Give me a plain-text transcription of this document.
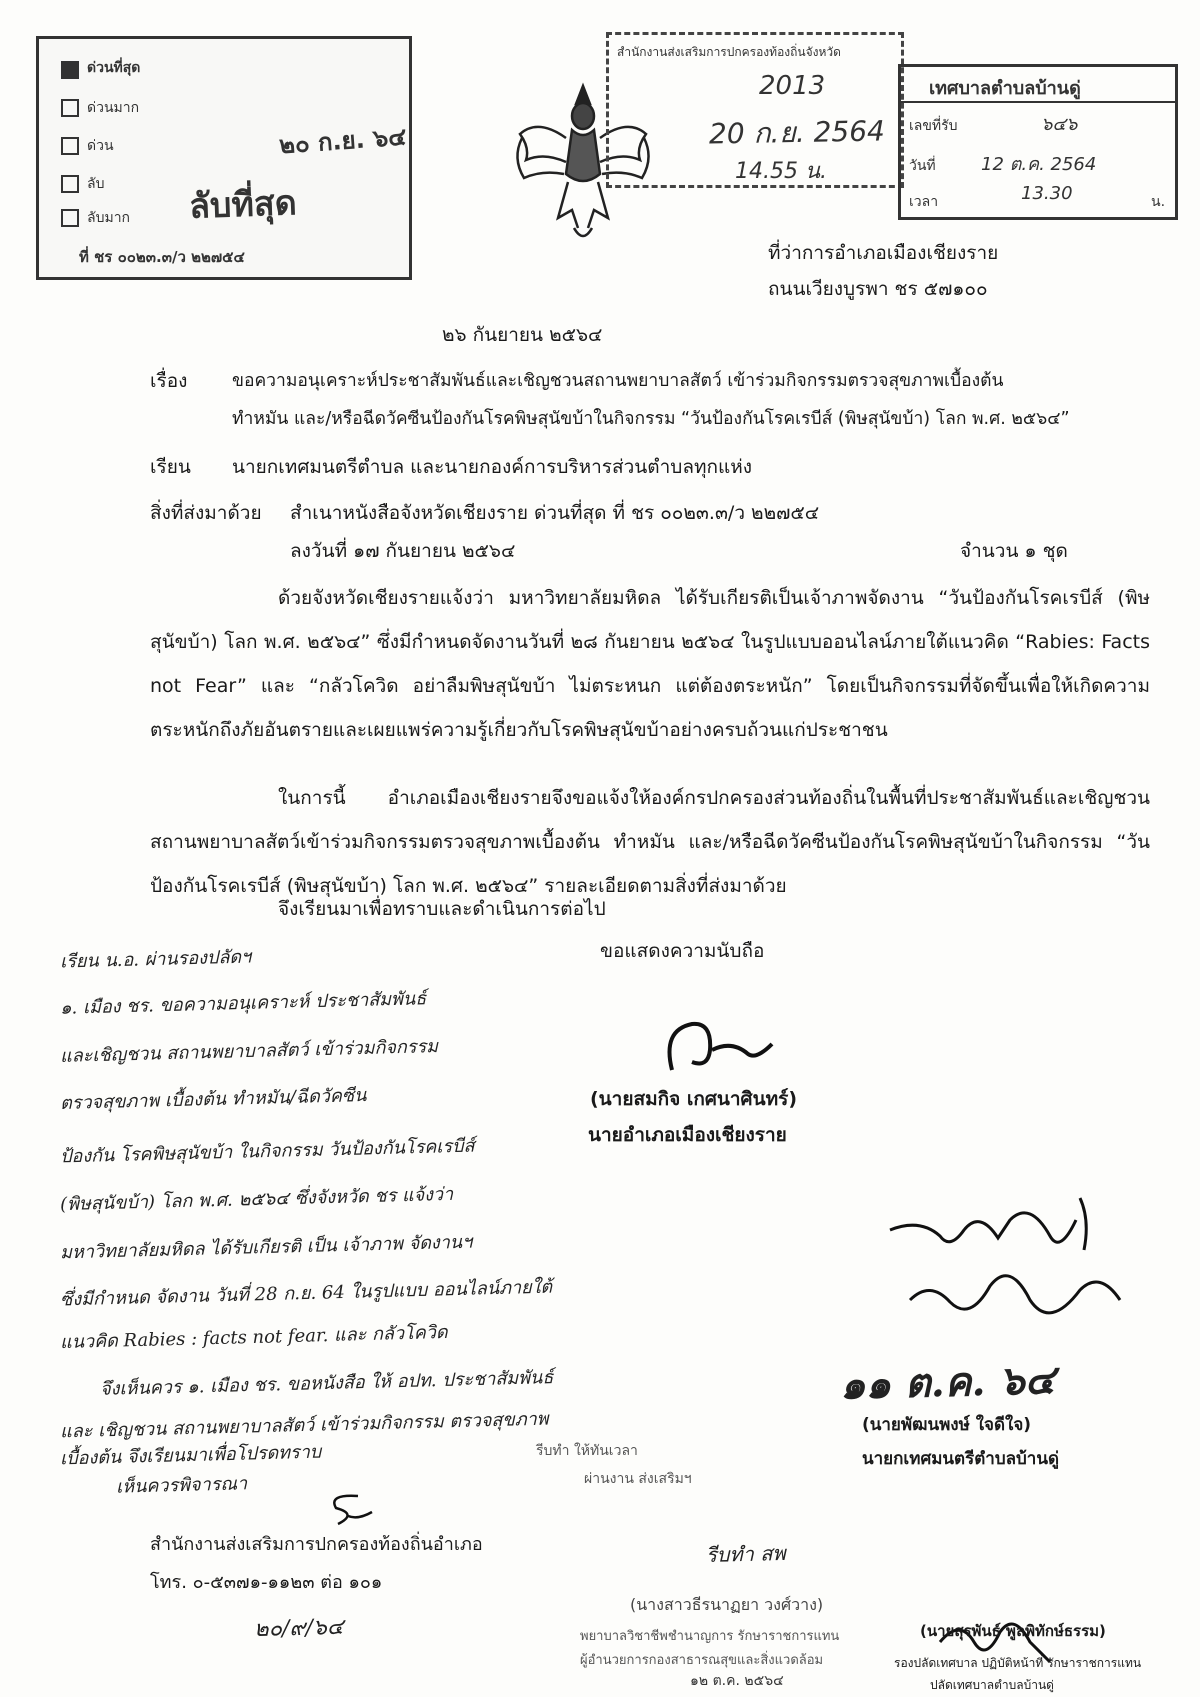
ด่วนที่สุด
ด่วนมาก
ด่วน
ลับ
ลับมาก ลับที่สุด
๒๐ ก.ย. ๖๔
ที่ ชร ๐๐๒๓.๓/ว ๒๒๗๕๔
สำนักงานส่งเสริมการปกครองท้องถิ่นจังหวัด
2013
20 ก.ย. 2564
14.55 น.
เทศบาลตำบลบ้านดู่
เลขที่รับ	๖๔๖
วันที่	12 ต.ค. 2564
เวลา	13.30	น.
ที่ว่าการอำเภอเมืองเชียงราย
ถนนเวียงบูรพา ชร ๕๗๑๐๐
๒๖ กันยายน ๒๕๖๔
เรื่อง	ขอความอนุเคราะห์ประชาสัมพันธ์และเชิญชวนสถานพยาบาลสัตว์ เข้าร่วมกิจกรรมตรวจสุขภาพเบื้องต้น
ทำหมัน และ/หรือฉีดวัคซีนป้องกันโรคพิษสุนัขบ้าในกิจกรรม “วันป้องกันโรคเรบีส์ (พิษสุนัขบ้า) โลก พ.ศ. ๒๕๖๔”
เรียน นายกเทศมนตรีตำบล และนายกองค์การบริหารส่วนตำบลทุกแห่ง
สิ่งที่ส่งมาด้วย สำเนาหนังสือจังหวัดเชียงราย ด่วนที่สุด ที่ ชร ๐๐๒๓.๓/ว ๒๒๗๕๔
ลงวันที่ ๑๗ กันยายน ๒๕๖๔	จำนวน ๑ ชุด
ด้วยจังหวัดเชียงรายแจ้งว่า มหาวิทยาลัยมหิดล ได้รับเกียรติเป็นเจ้าภาพจัดงาน “วันป้องกันโรคเรบีส์ (พิษสุนัขบ้า) โลก พ.ศ. ๒๕๖๔” ซึ่งมีกำหนดจัดงานวันที่ ๒๘ กันยายน ๒๕๖๔ ในรูปแบบออนไลน์ภายใต้แนวคิด “Rabies: Facts not Fear” และ “กลัวโควิด อย่าลืมพิษสุนัขบ้า ไม่ตระหนก แต่ต้องตระหนัก” โดยเป็นกิจกรรมที่จัดขึ้นเพื่อให้เกิดความตระหนักถึงภัยอันตรายและเผยแพร่ความรู้เกี่ยวกับโรคพิษสุนัขบ้าอย่างครบถ้วนแก่ประชาชน
ในการนี้ อำเภอเมืองเชียงรายจึงขอแจ้งให้องค์กรปกครองส่วนท้องถิ่นในพื้นที่ประชาสัมพันธ์และเชิญชวนสถานพยาบาลสัตว์เข้าร่วมกิจกรรมตรวจสุขภาพเบื้องต้น ทำหมัน และ/หรือฉีดวัคซีนป้องกันโรคพิษสุนัขบ้าในกิจกรรม “วันป้องกันโรคเรบีส์ (พิษสุนัขบ้า) โลก พ.ศ. ๒๕๖๔” รายละเอียดตามสิ่งที่ส่งมาด้วย
จึงเรียนมาเพื่อทราบและดำเนินการต่อไป
ขอแสดงความนับถือ
(นายสมกิจ เกศนาศินทร์)
นายอำเภอเมืองเชียงราย
เรียน น.อ. ผ่านรองปลัดฯ
๑. เมือง ชร. ขอความอนุเคราะห์ ประชาสัมพันธ์
และเชิญชวน สถานพยาบาลสัตว์ เข้าร่วมกิจกรรม
ตรวจสุขภาพ เบื้องต้น ทำหมัน/ฉีดวัคซีน
ป้องกัน โรคพิษสุนัขบ้า ในกิจกรรม วันป้องกันโรคเรบีส์
(พิษสุนัขบ้า) โลก พ.ศ. ๒๕๖๔ ซึ่งจังหวัด ชร แจ้งว่า
มหาวิทยาลัยมหิดล ได้รับเกียรติ เป็น เจ้าภาพ จัดงานฯ
ซึ่งมีกำหนด จัดงาน วันที่ 28 ก.ย. 64 ในรูปแบบ ออนไลน์ภายใต้
แนวคิด Rabies : facts not fear. และ กลัวโควิด
จึงเห็นควร ๑. เมือง ชร. ขอหนังสือ ให้ อปท. ประชาสัมพันธ์
และ เชิญชวน สถานพยาบาลสัตว์ เข้าร่วมกิจกรรม ตรวจสุขภาพ
เบื้องต้น จึงเรียนมาเพื่อโปรดทราบ
เห็นควรพิจารณา
สำนักงานส่งเสริมการปกครองท้องถิ่นอำเภอ
โทร. ๐-๕๓๗๑-๑๑๒๓ ต่อ ๑๐๑
๒๐/๙/๖๔
รีบทำ ให้ทันเวลา
ผ่านงาน ส่งเสริมฯ
๑๑ ต.ค. ๖๔
(นายพัฒนพงษ์ ใจดีใจ)
นายกเทศมนตรีตำบลบ้านดู่
รีบทำ สพ
(นางสาวธีรนาฏยา วงศ์วาง)
พยาบาลวิชาชีพชำนาญการ รักษาราชการแทน
ผู้อำนวยการกองสาธารณสุขและสิ่งแวดล้อม
๑๒ ต.ค. ๒๕๖๔
(นายสุรพันธ์ พูลพิทักษ์ธรรม)
รองปลัดเทศบาล ปฏิบัติหน้าที่ รักษาราชการแทน
ปลัดเทศบาลตำบลบ้านดู่
